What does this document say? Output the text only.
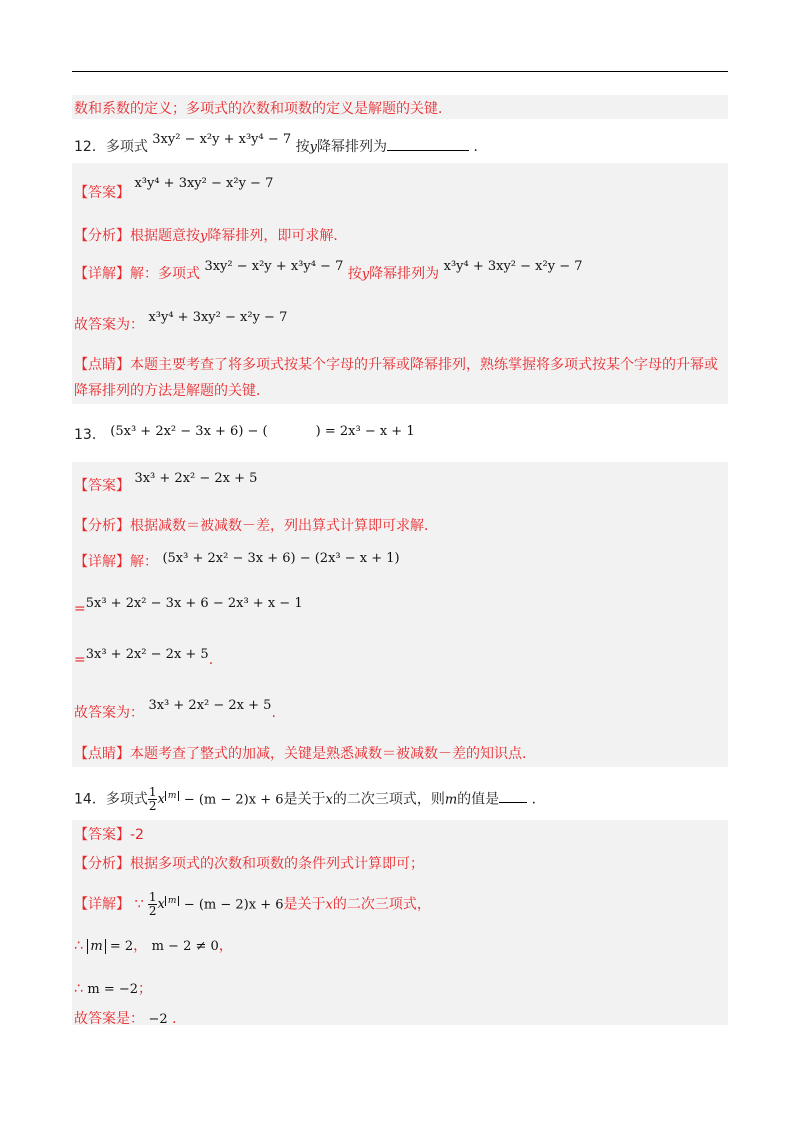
数和系数的定义；多项式的次数和项数的定义是解题的关键．
12．多项式 3xy² − x²y + x³y⁴ − 7 按y降幂排列为	．
【答案】 x³y⁴ + 3xy² − x²y − 7
【分析】根据题意按y降幂排列，即可求解．
【详解】解：多项式 3xy² − x²y + x³y⁴ − 7 按y降幂排列为 x³y⁴ + 3xy² − x²y − 7
故答案为： x³y⁴ + 3xy² − x²y − 7
【点睛】本题主要考查了将多项式按某个字母的升幂或降幂排列，熟练掌握将多项式按某个字母的升幂或
降幂排列的方法是解题的关键．
13． (5x³ + 2x² − 3x + 6) − (	) = 2x³ − x + 1
【答案】 3x³ + 2x² − 2x + 5
【分析】根据减数＝被减数－差，列出算式计算即可求解．
【详解】解： (5x³ + 2x² − 3x + 6) − (2x³ − x + 1)
=5x³ + 2x² − 3x + 6 − 2x³ + x − 1
=3x³ + 2x² − 2x + 5.
故答案为： 3x³ + 2x² − 2x + 5.
【点睛】本题考查了整式的加减，关键是熟悉减数＝被减数－差的知识点．
14．多项式 $\frac{1}{2}$ x $^m$ − (m − 2)x + 6是关于x的二次三项式，则m的值是 ．
【答案】-2
【分析】根据多项式的次数和项数的条件列式计算即可；
【详解】 ∵ $\frac{1}{2}$ x $^m$ − (m − 2)x + 6是关于x的二次三项式，
∴ m = 2， m − 2 ≠ 0，
∴ m = −2；
故答案是： −2 ．
